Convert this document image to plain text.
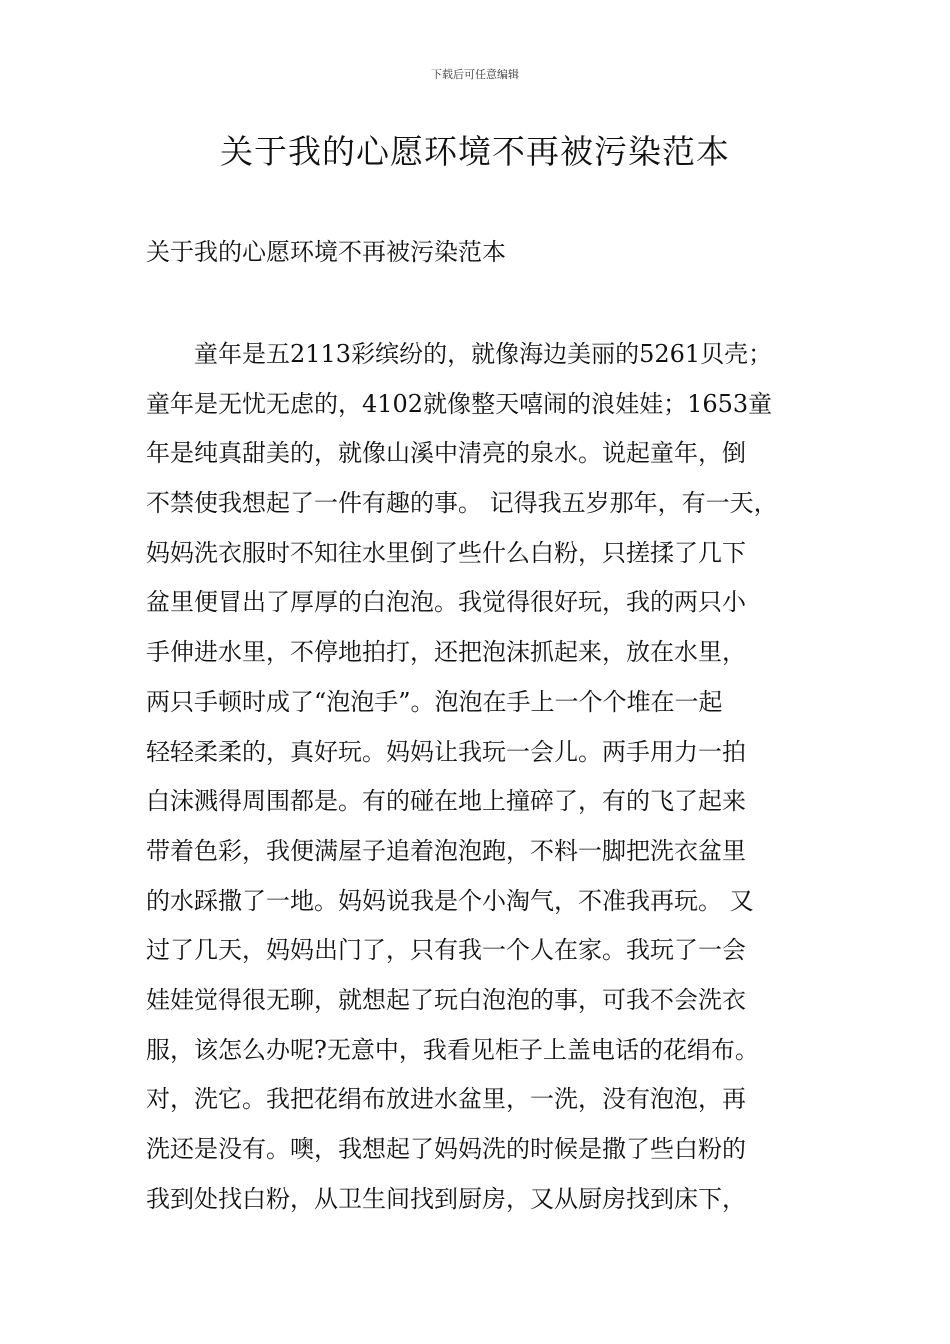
下载后可任意编辑
关于我的心愿环境不再被污染范本

关于我的心愿环境不再被污染范本

　　童年是五2113彩缤纷的，就像海边美丽的5261贝壳；
童年是无忧无虑的，4102就像整天嘻闹的浪娃娃；1653童
年是纯真甜美的，就像山溪中清亮的泉水。说起童年，倒
不禁使我想起了一件有趣的事。 记得我五岁那年，有一天，
妈妈洗衣服时不知往水里倒了些什么白粉，只搓揉了几下
盆里便冒出了厚厚的白泡泡。我觉得很好玩，我的两只小
手伸进水里，不停地拍打，还把泡沫抓起来，放在水里，
两只手顿时成了“泡泡手”。泡泡在手上一个个堆在一起
轻轻柔柔的，真好玩。妈妈让我玩一会儿。两手用力一拍
白沫溅得周围都是。有的碰在地上撞碎了，有的飞了起来
带着色彩，我便满屋子追着泡泡跑，不料一脚把洗衣盆里
的水踩撒了一地。妈妈说我是个小淘气，不准我再玩。 又
过了几天，妈妈出门了，只有我一个人在家。我玩了一会
娃娃觉得很无聊，就想起了玩白泡泡的事，可我不会洗衣
服，该怎么办呢?无意中，我看见柜子上盖电话的花绢布。
对，洗它。我把花绢布放进水盆里，一洗，没有泡泡，再
洗还是没有。噢，我想起了妈妈洗的时候是撒了些白粉的
我到处找白粉，从卫生间找到厨房，又从厨房找到床下，
